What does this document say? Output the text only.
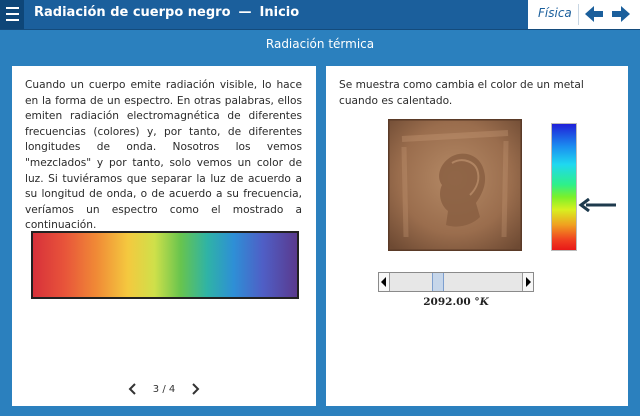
Radiación de cuerpo negro — Inicio	Física
Radiación térmica
Cuando un cuerpo emite radiación visible, lo hace en la forma de un espectro. En otras palabras, ellos emiten radiación electromagnética de diferentes frecuencias (colores) y, por tanto, de diferentes longitudes de onda. Nosotros los vemos "mezclados" y por tanto, solo vemos un color de luz. Si tuviéramos que separar la luz de acuerdo a su longitud de onda, o de acuerdo a su frecuencia, veríamos un espectro como el mostrado a continuación.
3 / 4
Se muestra como cambia el color de un metal cuando es calentado.
2092.00 °K
